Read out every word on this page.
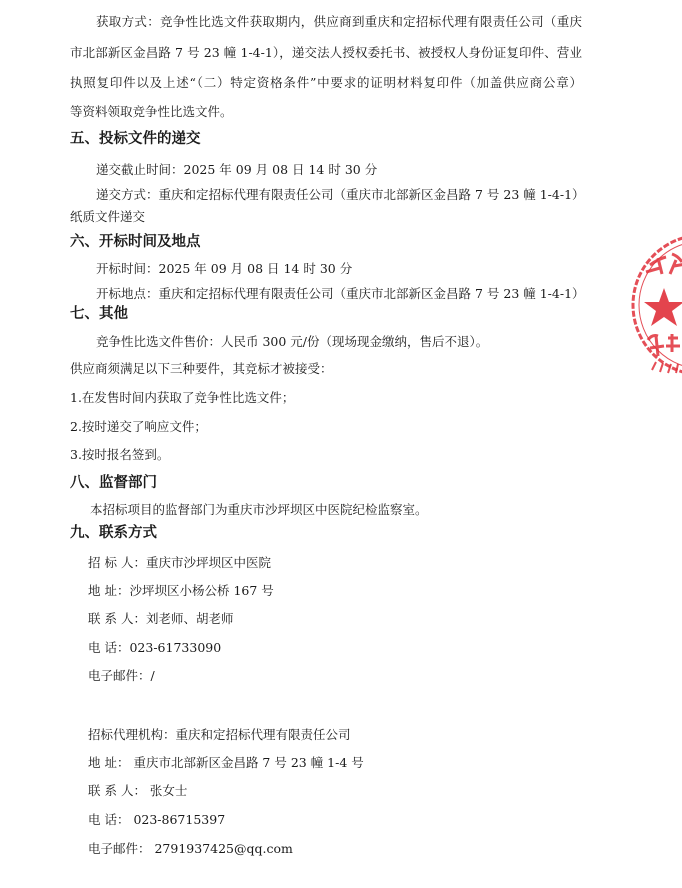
获取方式：竞争性比选文件获取期内，供应商到重庆和定招标代理有限责任公司（重庆
市北部新区金昌路 7 号 23 幢 1-4-1），递交法人授权委托书、被授权人身份证复印件、营业
执照复印件以及上述“（二）特定资格条件”中要求的证明材料复印件（加盖供应商公章）
等资料领取竞争性比选文件。
五、投标文件的递交
递交截止时间：2025 年 09 月 08 日 14 时 30 分
递交方式：重庆和定招标代理有限责任公司（重庆市北部新区金昌路 7 号 23 幢 1-4-1）
纸质文件递交
六、开标时间及地点
开标时间：2025 年 09 月 08 日 14 时 30 分
开标地点：重庆和定招标代理有限责任公司（重庆市北部新区金昌路 7 号 23 幢 1-4-1）
七、其他
竞争性比选文件售价：人民币 300 元/份（现场现金缴纳，售后不退）。
供应商须满足以下三种要件，其竞标才被接受：
1.在发售时间内获取了竞争性比选文件；
2.按时递交了响应文件；
3.按时报名签到。
八、监督部门
本招标项目的监督部门为重庆市沙坪坝区中医院纪检监察室。
九、联系方式
招 标 人：重庆市沙坪坝区中医院
地 址：沙坪坝区小杨公桥 167 号
联 系 人：刘老师、胡老师
电 话：023-61733090
电子邮件：/
招标代理机构：重庆和定招标代理有限责任公司
地 址： 重庆市北部新区金昌路 7 号 23 幢 1-4 号
联 系 人： 张女士
电 话： 023-86715397
电子邮件： 2791937425@qq.com
